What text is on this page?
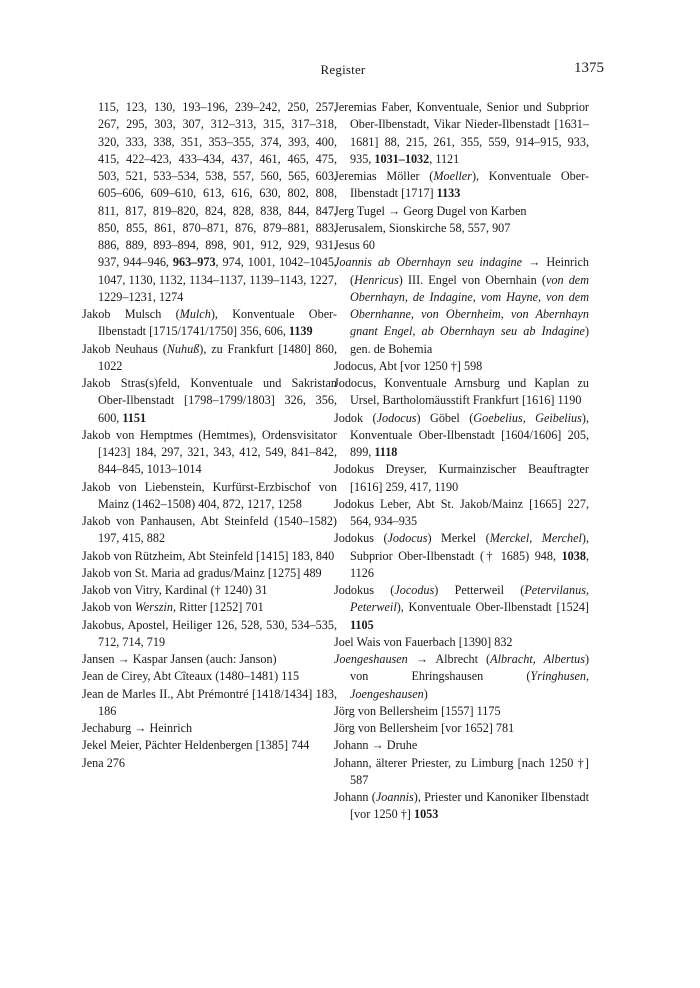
Register	1375
115, 123, 130, 193–196, 239–242, 250, 257, 267, 295, 303, 307, 312–313, 315, 317–318, 320, 333, 338, 351, 353–355, 374, 393, 400, 415, 422–423, 433–434, 437, 461, 465, 475, 503, 521, 533–534, 538, 557, 560, 565, 603, 605–606, 609–610, 613, 616, 630, 802, 808, 811, 817, 819–820, 824, 828, 838, 844, 847, 850, 855, 861, 870–871, 876, 879–881, 883, 886, 889, 893–894, 898, 901, 912, 929, 931, 937, 944–946, 963–973, 974, 1001, 1042–1045, 1047, 1130, 1132, 1134–1137, 1139–1143, 1227, 1229–1231, 1274
Jakob Mulsch (Mulch), Konventuale Ober-Ilbenstadt [1715/1741/1750] 356, 606, 1139
Jakob Neuhaus (Nuhuß), zu Frankfurt [1480] 860, 1022
Jakob Stras(s)feld, Konventuale und Sakristan Ober-Ilbenstadt [1798–1799/1803] 326, 356, 600, 1151
Jakob von Hemptmes (Hemtmes), Ordensvisitator [1423] 184, 297, 321, 343, 412, 549, 841–842, 844–845, 1013–1014
Jakob von Liebenstein, Kurfürst-Erzbischof von Mainz (1462–1508) 404, 872, 1217, 1258
Jakob von Panhausen, Abt Steinfeld (1540–1582) 197, 415, 882
Jakob von Rützheim, Abt Steinfeld [1415] 183, 840
Jakob von St. Maria ad gradus/Mainz [1275] 489
Jakob von Vitry, Kardinal († 1240) 31
Jakob von Werszin, Ritter [1252] 701
Jakobus, Apostel, Heiliger 126, 528, 530, 534–535, 712, 714, 719
Jansen → Kaspar Jansen (auch: Janson)
Jean de Cirey, Abt Cîteaux (1480–1481) 115
Jean de Marles II., Abt Prémontré [1418/1434] 183, 186
Jechaburg → Heinrich
Jekel Meier, Pächter Heldenbergen [1385] 744
Jena 276
Jeremias Faber, Konventuale, Senior und Subprior Ober-Ilbenstadt, Vikar Nieder-Ilbenstadt [1631–1681] 88, 215, 261, 355, 559, 914–915, 933, 935, 1031–1032, 1121
Jeremias Möller (Moeller), Konventuale Ober-Ilbenstadt [1717] 1133
Jerg Tugel → Georg Dugel von Karben
Jerusalem, Sionskirche 58, 557, 907
Jesus 60
Joannis ab Obernhayn seu indagine → Heinrich (Henricus) III. Engel von Obernhain (von dem Obernhayn, de Indagine, vom Hayne, von dem Obernhanne, von Obernheim, von Abernhayn gnant Engel, ab Obernhayn seu ab Indagine) gen. de Bohemia
Jodocus, Abt [vor 1250 †] 598
Jodocus, Konventuale Arnsburg und Kaplan zu Ursel, Bartholomäusstift Frankfurt [1616] 1190
Jodok (Jodocus) Göbel (Goebelius, Geibelius), Konventuale Ober-Ilbenstadt [1604/1606] 205, 899, 1118
Jodokus Dreyser, Kurmainzischer Beauftragter [1616] 259, 417, 1190
Jodokus Leber, Abt St. Jakob/Mainz [1665] 227, 564, 934–935
Jodokus (Jodocus) Merkel (Merckel, Merchel), Subprior Ober-Ilbenstadt († 1685) 948, 1038, 1126
Jodokus (Jocodus) Petterweil (Petervilanus, Peterweil), Konventuale Ober-Ilbenstadt [1524] 1105
Joel Wais von Fauerbach [1390] 832
Joengeshausen → Albrecht (Albracht, Albertus) von Ehringshausen (Yringhusen, Joengeshausen)
Jörg von Bellersheim [1557] 1175
Jörg von Bellersheim [vor 1652] 781
Johann → Druhe
Johann, älterer Priester, zu Limburg [nach 1250 †] 587
Johann (Joannis), Priester und Kanoniker Ilbenstadt [vor 1250 †] 1053
